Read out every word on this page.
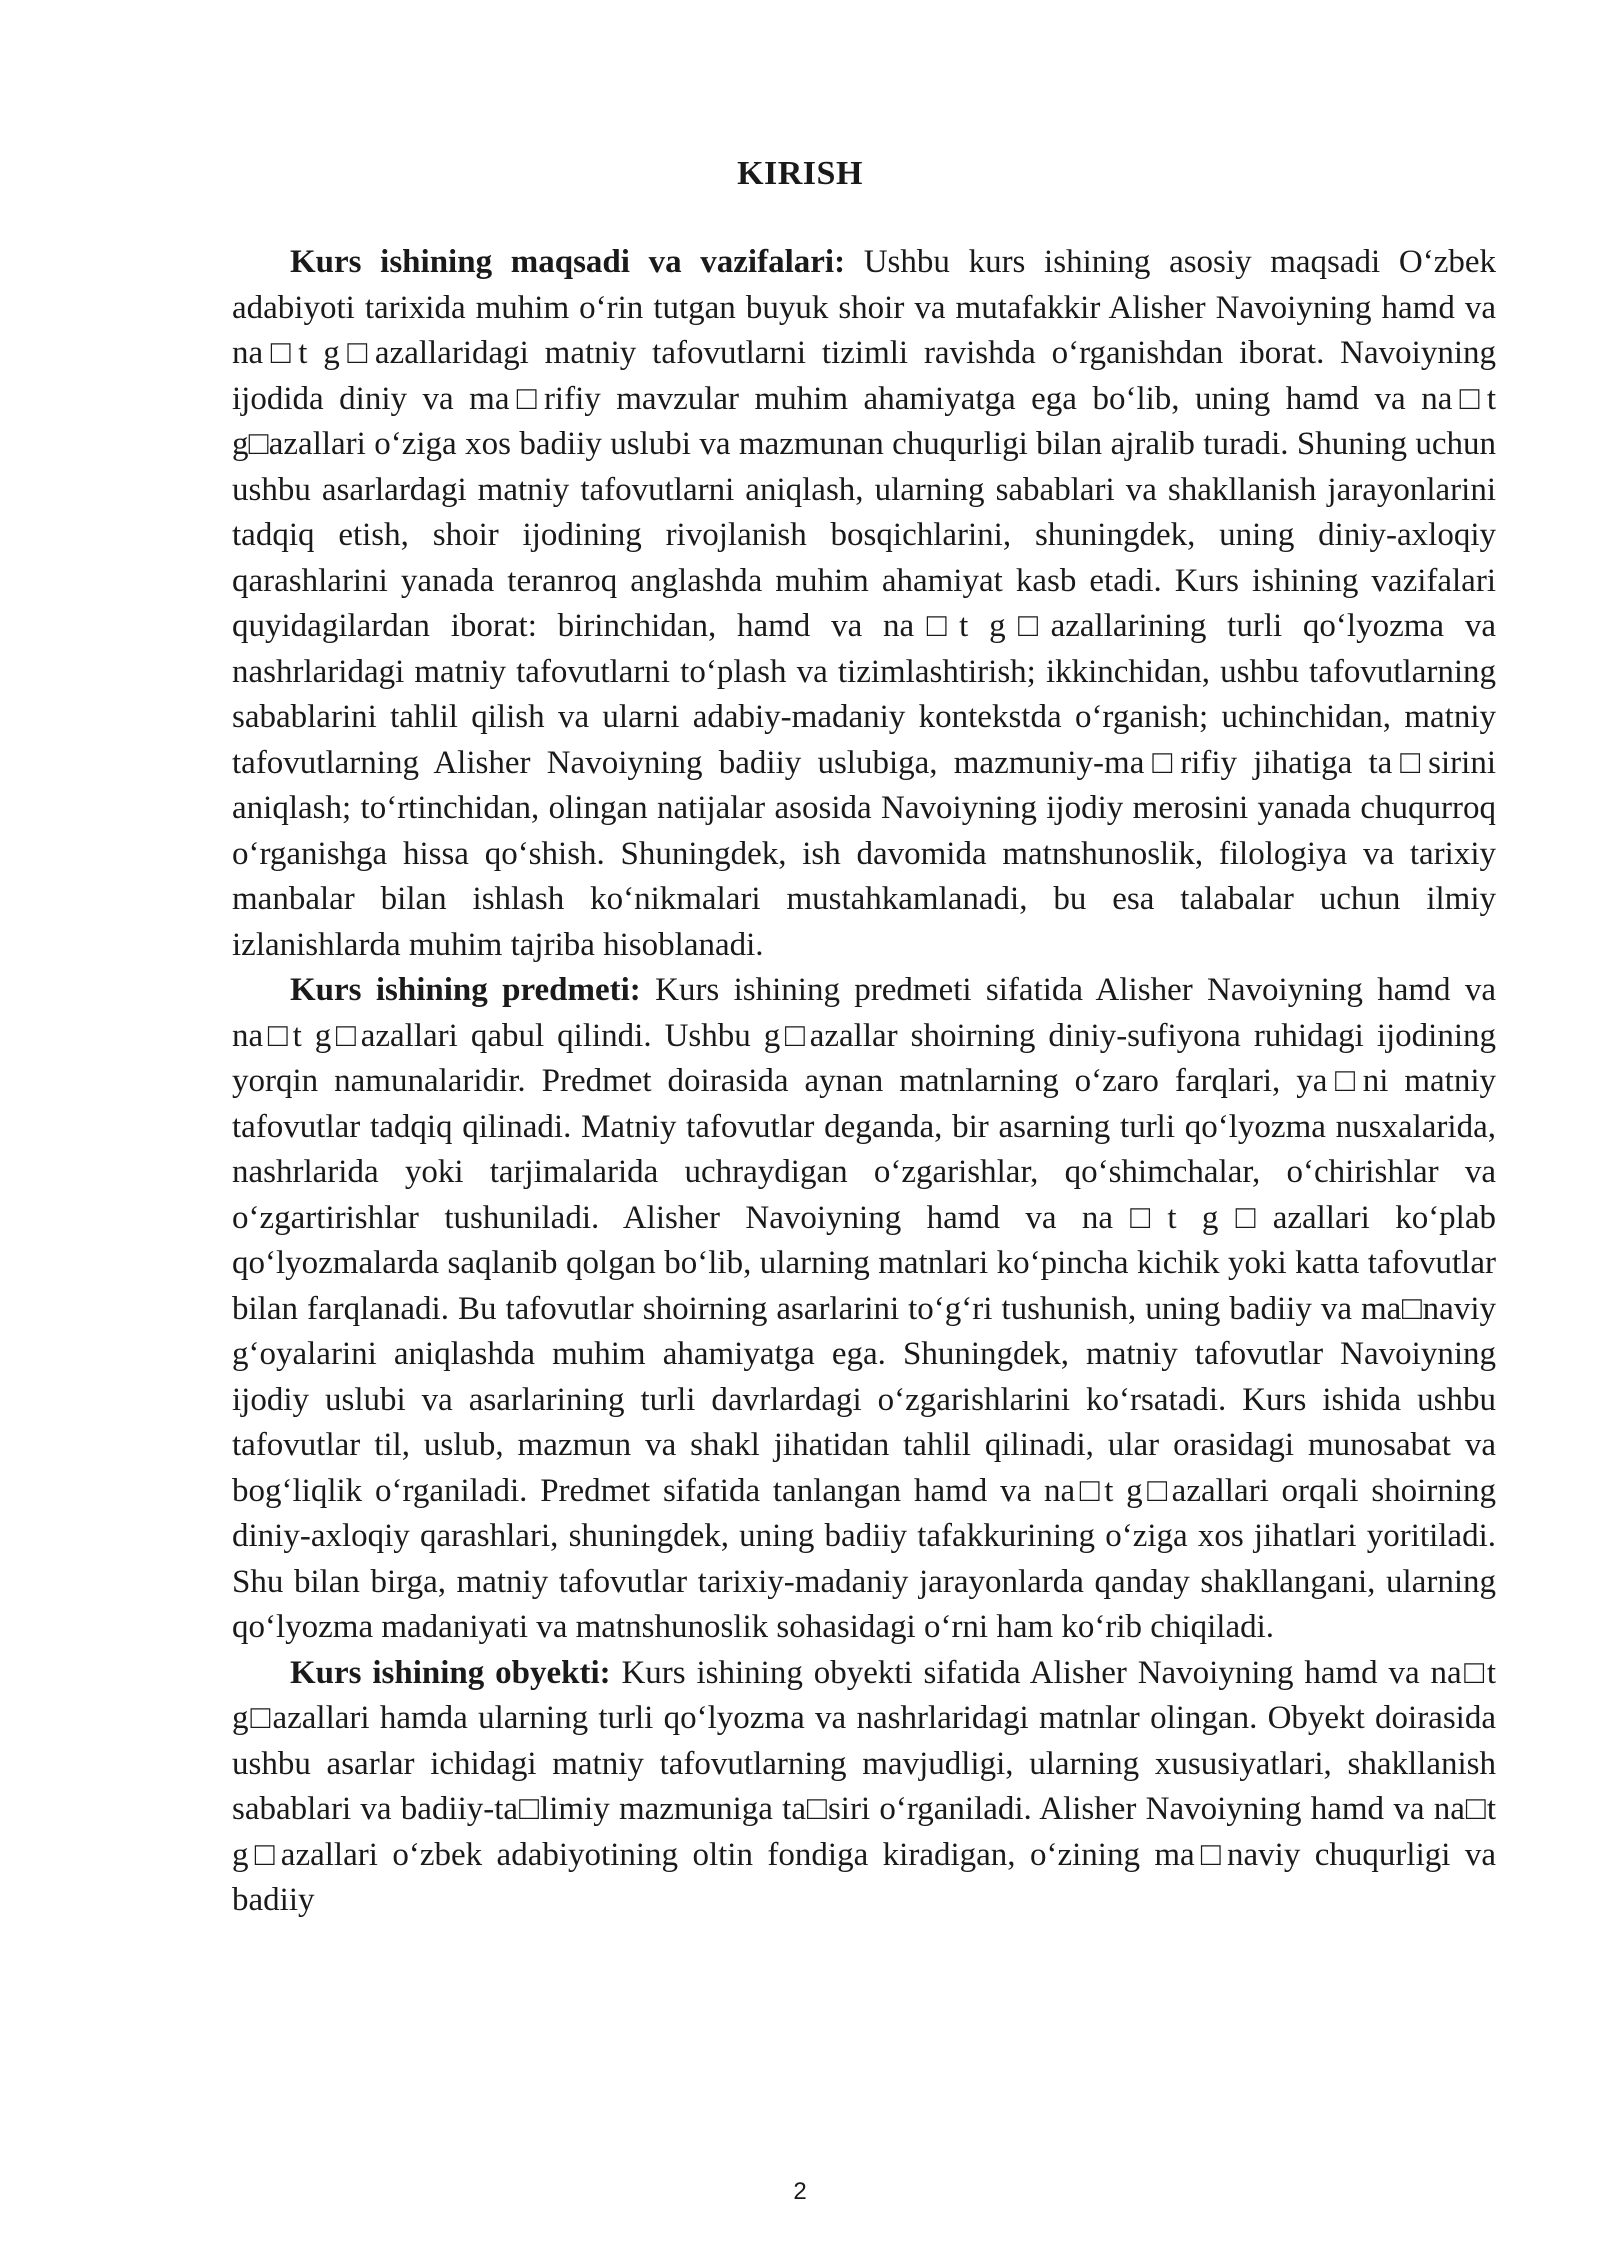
KIRISH

Kurs ishining maqsadi va vazifalari: Ushbu kurs ishining asosiy maqsadi O‘zbek adabiyoti tarixida muhim o‘rin tutgan buyuk shoir va mutafakkir Alisher Navoiyning hamd va na□t g□azallaridagi matniy tafovutlarni tizimli ravishda o‘rganishdan iborat. Navoiyning ijodida diniy va ma□rifiy mavzular muhim ahamiyatga ega bo‘lib, uning hamd va na□t g□azallari o‘ziga xos badiiy uslubi va mazmunan chuqurligi bilan ajralib turadi. Shuning uchun ushbu asarlardagi matniy tafovutlarni aniqlash, ularning sabablari va shakllanish jarayonlarini tadqiq etish, shoir ijodining rivojlanish bosqichlarini, shuningdek, uning diniy-axloqiy qarashlarini yanada teranroq anglashda muhim ahamiyat kasb etadi. Kurs ishining vazifalari quyidagilardan iborat: birinchidan, hamd va na□t g□azallarining turli qo‘lyozma va nashrlaridagi matniy tafovutlarni to‘plash va tizimlashtirish; ikkinchidan, ushbu tafovutlarning sabablarini tahlil qilish va ularni adabiy-madaniy kontekstda o‘rganish; uchinchidan, matniy tafovutlarning Alisher Navoiyning badiiy uslubiga, mazmuniy-ma□rifiy jihatiga ta□sirini aniqlash; to‘rtinchidan, olingan natijalar asosida Navoiyning ijodiy merosini yanada chuqurroq o‘rganishga hissa qo‘shish. Shuningdek, ish davomida matnshunoslik, filologiya va tarixiy manbalar bilan ishlash ko‘nikmalari mustahkamlanadi, bu esa talabalar uchun ilmiy izlanishlarda muhim tajriba hisoblanadi.

Kurs ishining predmeti: Kurs ishining predmeti sifatida Alisher Navoiyning hamd va na□t g□azallari qabul qilindi. Ushbu g□azallar shoirning diniy-sufiyona ruhidagi ijodining yorqin namunalaridir. Predmet doirasida aynan matnlarning o‘zaro farqlari, ya□ni matniy tafovutlar tadqiq qilinadi. Matniy tafovutlar deganda, bir asarning turli qo‘lyozma nusxalarida, nashrlarida yoki tarjimalarida uchraydigan o‘zgarishlar, qo‘shimchalar, o‘chirishlar va o‘zgartirishlar tushuniladi. Alisher Navoiyning hamd va na□t g□azallari ko‘plab qo‘lyozmalarda saqlanib qolgan bo‘lib, ularning matnlari ko‘pincha kichik yoki katta tafovutlar bilan farqlanadi. Bu tafovutlar shoirning asarlarini to‘g‘ri tushunish, uning badiiy va ma□naviy g‘oyalarini aniqlashda muhim ahamiyatga ega. Shuningdek, matniy tafovutlar Navoiyning ijodiy uslubi va asarlarining turli davrlardagi o‘zgarishlarini ko‘rsatadi. Kurs ishida ushbu tafovutlar til, uslub, mazmun va shakl jihatidan tahlil qilinadi, ular orasidagi munosabat va bog‘liqlik o‘rganiladi. Predmet sifatida tanlangan hamd va na□t g□azallari orqali shoirning diniy-axloqiy qarashlari, shuningdek, uning badiiy tafakkurining o‘ziga xos jihatlari yoritiladi. Shu bilan birga, matniy tafovutlar tarixiy-madaniy jarayonlarda qanday shakllangani, ularning qo‘lyozma madaniyati va matnshunoslik sohasidagi o‘rni ham ko‘rib chiqiladi.

Kurs ishining obyekti: Kurs ishining obyekti sifatida Alisher Navoiyning hamd va na□t g□azallari hamda ularning turli qo‘lyozma va nashrlaridagi matnlar olingan. Obyekt doirasida ushbu asarlar ichidagi matniy tafovutlarning mavjudligi, ularning xususiyatlari, shakllanish sabablari va badiiy-ta□limiy mazmuniga ta□siri o‘rganiladi. Alisher Navoiyning hamd va na□t g□azallari o‘zbek adabiyotining oltin fondiga kiradigan, o‘zining ma□naviy chuqurligi va badiiy

2
